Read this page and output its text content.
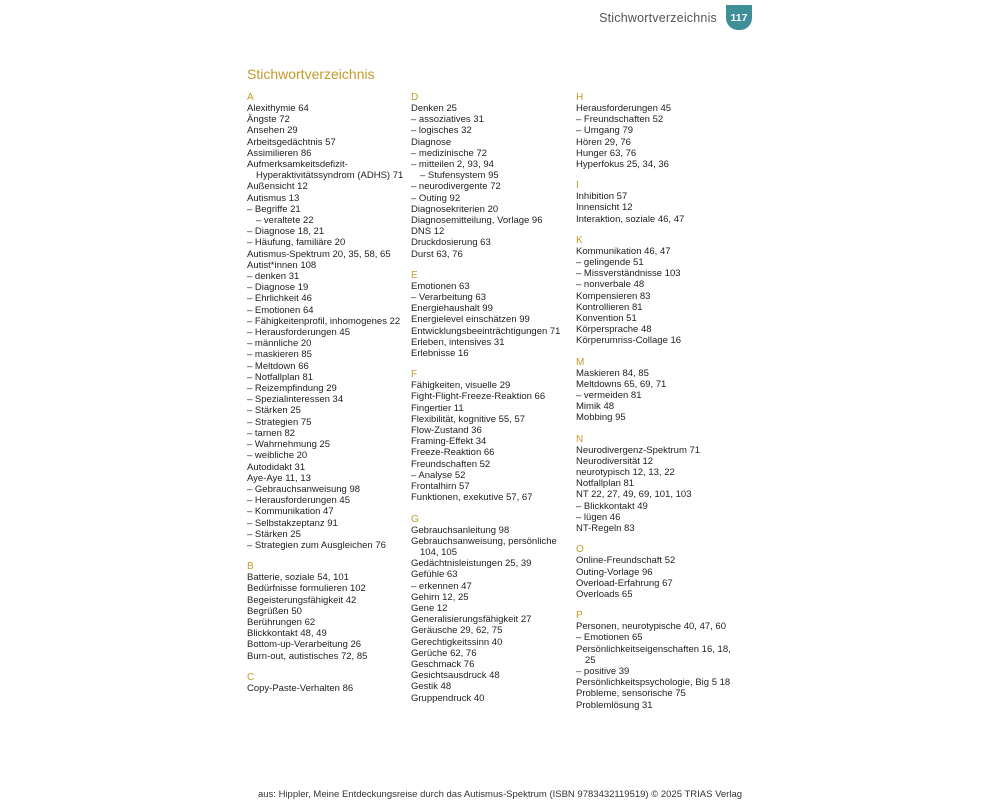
Stichwortverzeichnis	117
Stichwortverzeichnis
A
Alexithymie 64
Ängste 72
Ansehen 29
Arbeitsgedächtnis 57
Assimilieren 86
Aufmerksamkeitsdefizit-Hyperaktivitätssyndrom (ADHS) 71
Außensicht 12
Autismus 13
– Begriffe 21
– veraltete 22
– Diagnose 18, 21
– Häufung, familiäre 20
Autismus-Spektrum 20, 35, 58, 65
Autist*innen 108
– denken 31
– Diagnose 19
– Ehrlichkeit 46
– Emotionen 64
– Fähigkeitenprofil, inhomogenes 22
– Herausforderungen 45
– männliche 20
– maskieren 85
– Meltdown 66
– Notfallplan 81
– Reizempfindung 29
– Spezialinteressen 34
– Stärken 25
– Strategien 75
– tarnen 82
– Wahrnehmung 25
– weibliche 20
Autodidakt 31
Aye-Aye 11, 13
– Gebrauchsanweisung 98
– Herausforderungen 45
– Kommunikation 47
– Selbstakzeptanz 91
– Stärken 25
– Strategien zum Ausgleichen 76
B
Batterie, soziale 54, 101
Bedürfnisse formulieren 102
Begeisterungsfähigkeit 42
Begrüßen 50
Berührungen 62
Blickkontakt 48, 49
Bottom-up-Verarbeitung 26
Burn-out, autistisches 72, 85
C
Copy-Paste-Verhalten 86
D
Denken 25
– assoziatives 31
– logisches 32
Diagnose
– medizinische 72
– mitteilen 2, 93, 94
– Stufensystem 95
– neurodivergente 72
– Outing 92
Diagnosekriterien 20
Diagnosemitteilung, Vorlage 96
DNS 12
Druckdosierung 63
Durst 63, 76
E
Emotionen 63
– Verarbeitung 63
Energiehaushalt 99
Energielevel einschätzen 99
Entwicklungsbeeinträchtigungen 71
Erleben, intensives 31
Erlebnisse 16
F
Fähigkeiten, visuelle 29
Fight-Flight-Freeze-Reaktion 66
Fingertier 11
Flexibilität, kognitive 55, 57
Flow-Zustand 36
Framing-Effekt 34
Freeze-Reaktion 66
Freundschaften 52
– Analyse 52
Frontalhirn 57
Funktionen, exekutive 57, 67
G
Gebrauchsanleitung 98
Gebrauchsanweisung, persönliche 104, 105
Gedächtnisleistungen 25, 39
Gefühle 63
– erkennen 47
Gehirn 12, 25
Gene 12
Generalisierungsfähigkeit 27
Geräusche 29, 62, 75
Gerechtigkeitssinn 40
Gerüche 62, 76
Geschmack 76
Gesichtsausdruck 48
Gestik 48
Gruppendruck 40
H
Herausforderungen 45
– Freundschaften 52
– Umgang 79
Hören 29, 76
Hunger 63, 76
Hyperfokus 25, 34, 36
I
Inhibition 57
Innensicht 12
Interaktion, soziale 46, 47
K
Kommunikation 46, 47
– gelingende 51
– Missverständnisse 103
– nonverbale 48
Kompensieren 83
Kontrollieren 81
Konvention 51
Körpersprache 48
Körperumriss-Collage 16
M
Maskieren 84, 85
Meltdowns 65, 69, 71
– vermeiden 81
Mimik 48
Mobbing 95
N
Neurodivergenz-Spektrum 71
Neurodiversität 12
neurotypisch 12, 13, 22
Notfallplan 81
NT 22, 27, 49, 69, 101, 103
– Blickkontakt 49
– lügen 46
NT-Regeln 83
O
Online-Freundschaft 52
Outing-Vorlage 96
Overload-Erfahrung 67
Overloads 65
P
Personen, neurotypische 40, 47, 60
– Emotionen 65
Persönlichkeitseigenschaften 16, 18, 25
– positive 39
Persönlichkeitspsychologie, Big 5 18
Probleme, sensorische 75
Problemlösung 31
aus: Hippler, Meine Entdeckungsreise durch das Autismus-Spektrum (ISBN 9783432119519) © 2025 TRIAS Verlag
